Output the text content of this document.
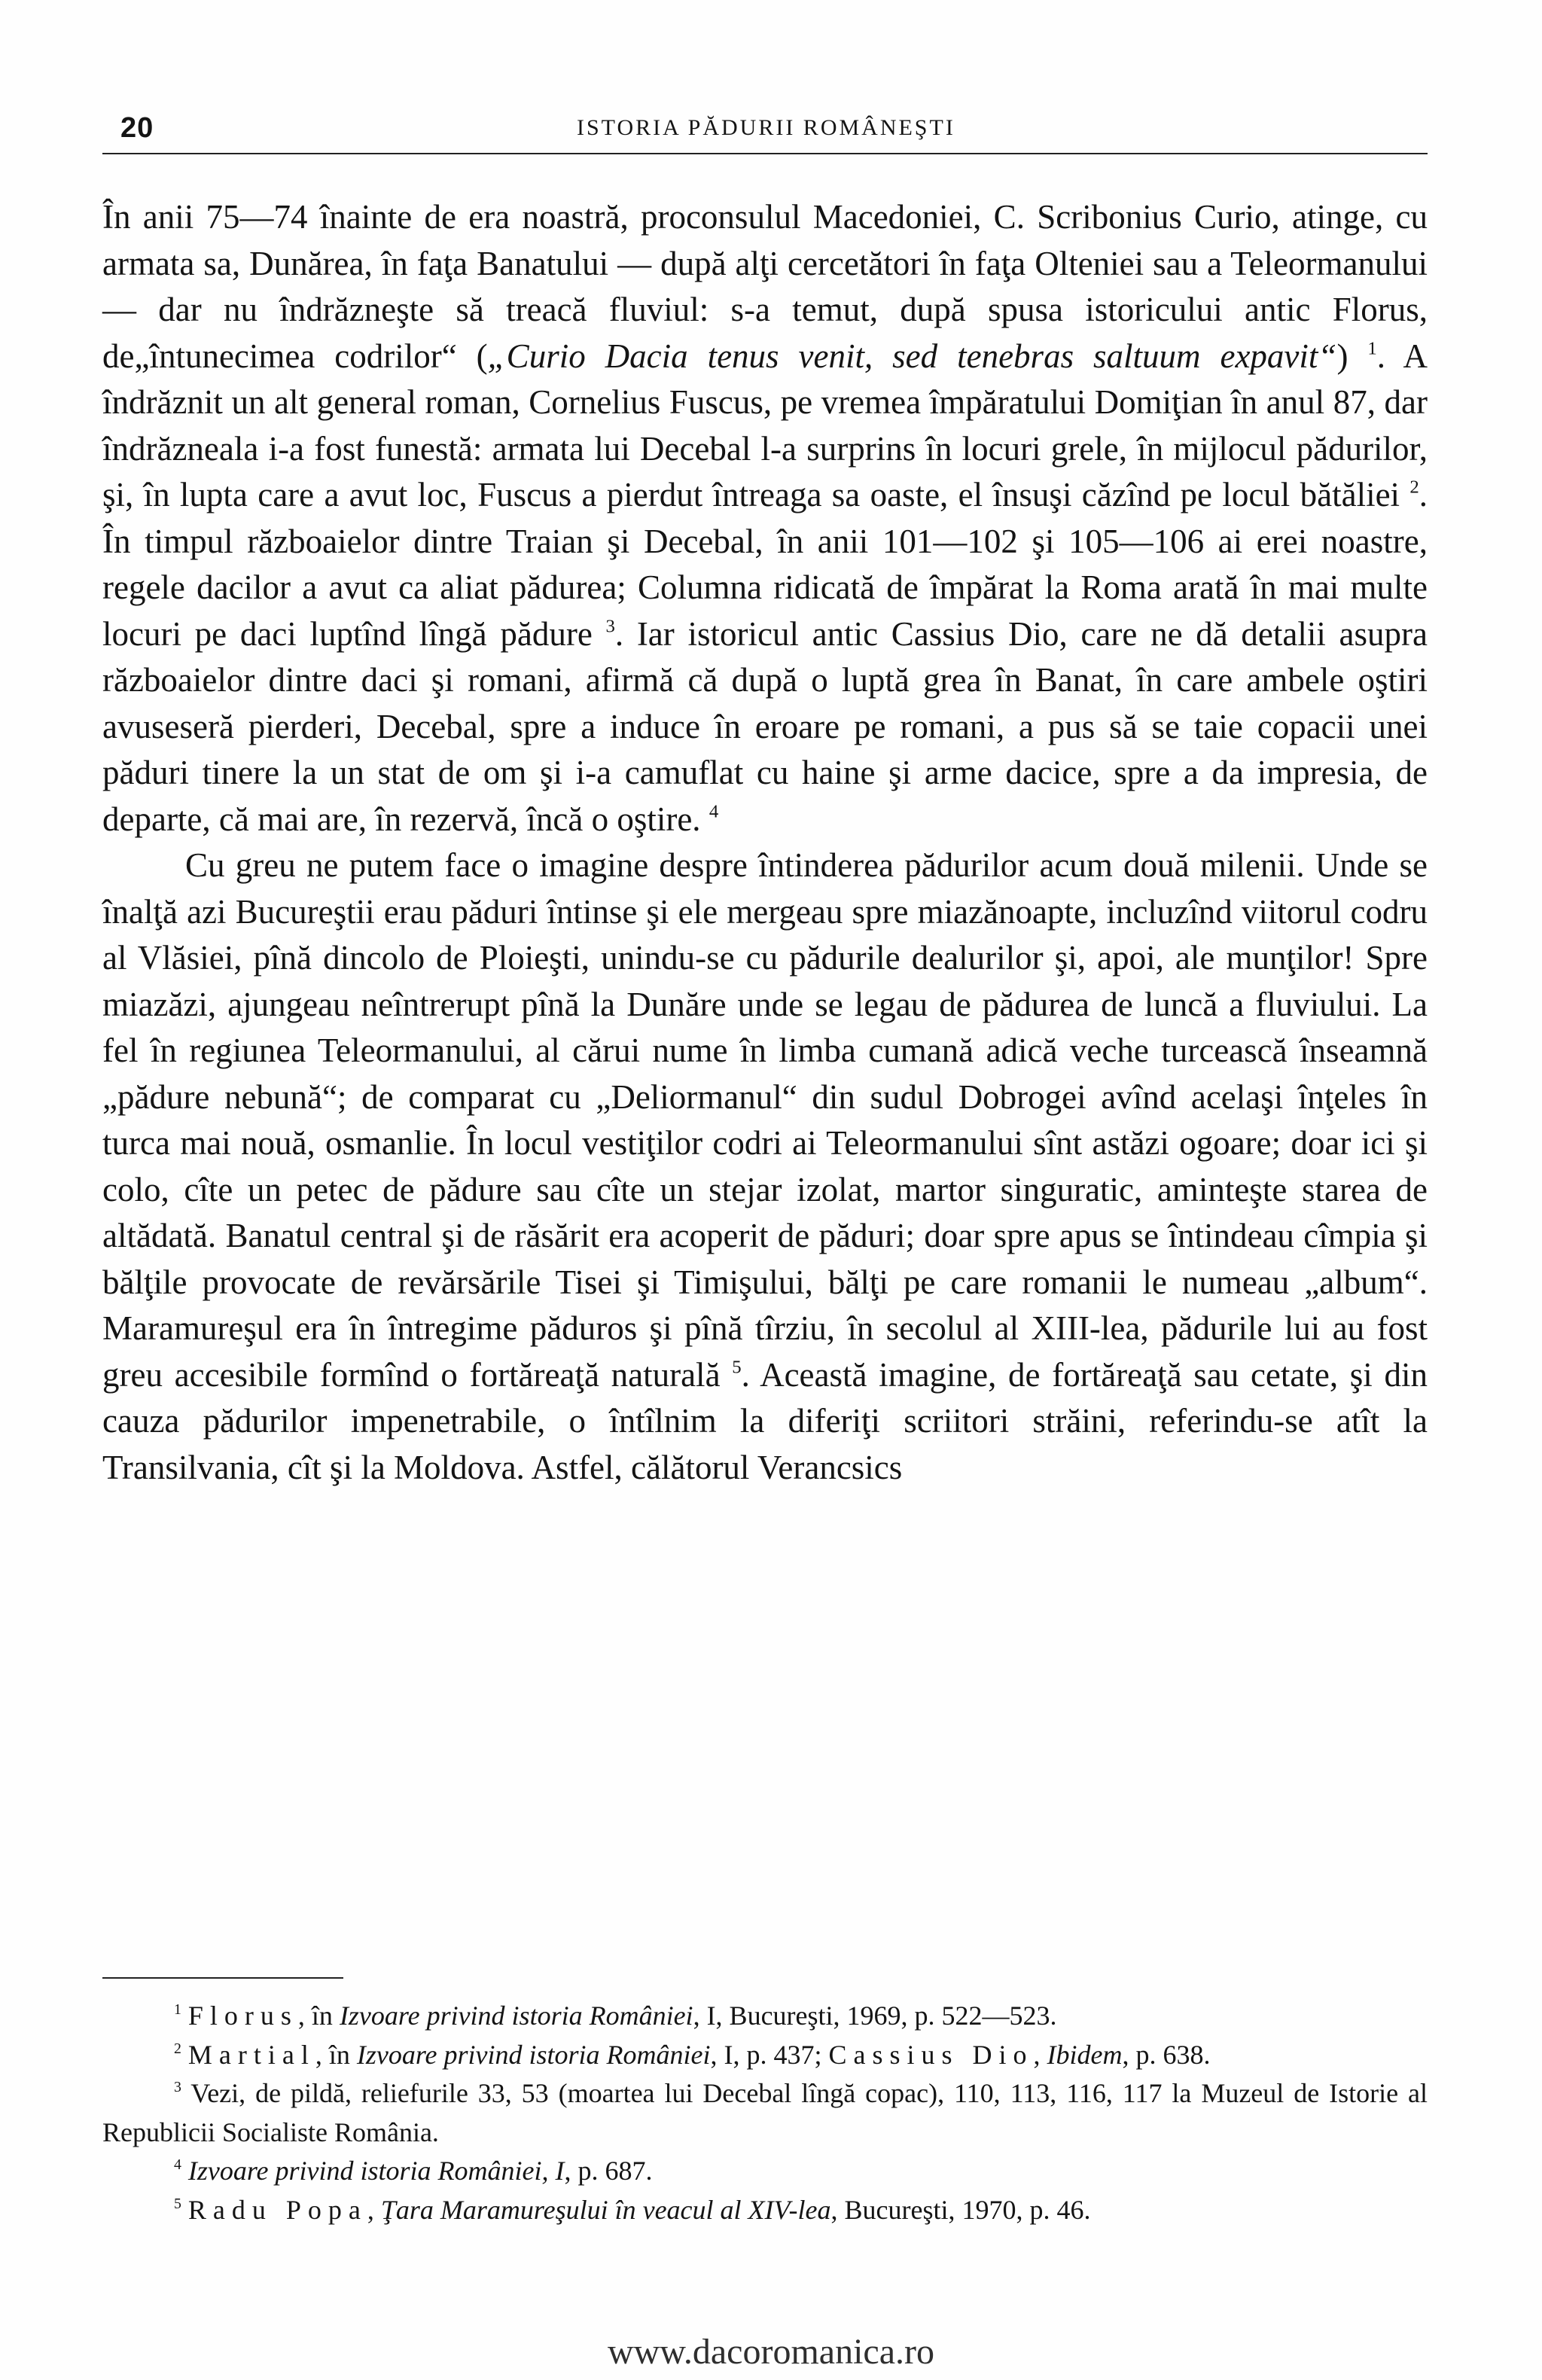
20	ISTORIA PĂDURII ROMÂNEŞTI

În anii 75—74 înainte de era noastră, proconsulul Macedoniei, C. Scribonius Curio, atinge, cu armata sa, Dunărea, în faţa Banatului — după alţi cercetători în faţa Olteniei sau a Teleormanului — dar nu îndrăzneşte să treacă fluviul: s-a temut, după spusa istoricului antic Florus, de„întunecimea codrilor“ („Curio Dacia tenus venit, sed tenebras saltuum expavit“) $^1$. A îndrăznit un alt general roman, Cornelius Fuscus, pe vremea împăratului Domiţian în anul 87, dar îndrăzneala i-a fost funestă: armata lui Decebal l-a surprins în locuri grele, în mijlocul pădurilor, şi, în lupta care a avut loc, Fuscus a pierdut întreaga sa oaste, el însuşi căzînd pe locul bătăliei $^2$. În timpul războaielor dintre Traian şi Decebal, în anii 101—102 şi 105—106 ai erei noastre, regele dacilor a avut ca aliat pădurea; Columna ridicată de împărat la Roma arată în mai multe locuri pe daci luptînd lîngă pădure $^3$. Iar istoricul antic Cassius Dio, care ne dă detalii asupra războaielor dintre daci şi romani, afirmă că după o luptă grea în Banat, în care ambele oştiri avuseseră pierderi, Decebal, spre a induce în eroare pe romani, a pus să se taie copacii unei păduri tinere la un stat de om şi i-a camuflat cu haine şi arme dacice, spre a da impresia, de departe, că mai are, în rezervă, încă o oştire. $^4$

Cu greu ne putem face o imagine despre întinderea pădurilor acum două milenii. Unde se înalţă azi Bucureştii erau păduri întinse şi ele mergeau spre miazănoapte, incluzînd viitorul codru al Vlăsiei, pînă dincolo de Ploieşti, unindu-se cu pădurile dealurilor şi, apoi, ale munţilor! Spre miazăzi, ajungeau neîntrerupt pînă la Dunăre unde se legau de pădurea de luncă a fluviului. La fel în regiunea Teleormanului, al cărui nume în limba cumană adică veche turcească înseamnă „pădure nebună“; de comparat cu „Deliormanul“ din sudul Dobrogei avînd acelaşi înţeles în turca mai nouă, osmanlie. În locul vestiţilor codri ai Teleormanului sînt astăzi ogoare; doar ici şi colo, cîte un petec de pădure sau cîte un stejar izolat, martor singuratic, aminteşte starea de altădată. Banatul central şi de răsărit era acoperit de păduri; doar spre apus se întindeau cîmpia şi bălţile provocate de revărsările Tisei şi Timişului, bălţi pe care romanii le numeau „album“. Maramureşul era în întregime păduros şi pînă tîrziu, în secolul al XIII-lea, pădurile lui au fost greu accesibile formînd o fortăreaţă naturală $^5$. Această imagine, de fortăreaţă sau cetate, şi din cauza pădurilor impenetrabile, o întîlnim la diferiţi scriitori străini, referindu-se atît la Transilvania, cît şi la Moldova. Astfel, călătorul Verancsics

$^1$ Florus, în Izvoare privind istoria României, I, Bucureşti, 1969, p. 522—523.

$^2$ Martial, în Izvoare privind istoria României, I, p. 437; Cassius Dio, Ibidem, p. 638.

$^3$ Vezi, de pildă, reliefurile 33, 53 (moartea lui Decebal lîngă copac), 110, 113, 116, 117 la Muzeul de Istorie al Republicii Socialiste România.

$^4$ Izvoare privind istoria României, I, p. 687.

$^5$ Radu Popa, Ţara Maramureşului în veacul al XIV-lea, Bucureşti, 1970, p. 46.

www.dacoromanica.ro
